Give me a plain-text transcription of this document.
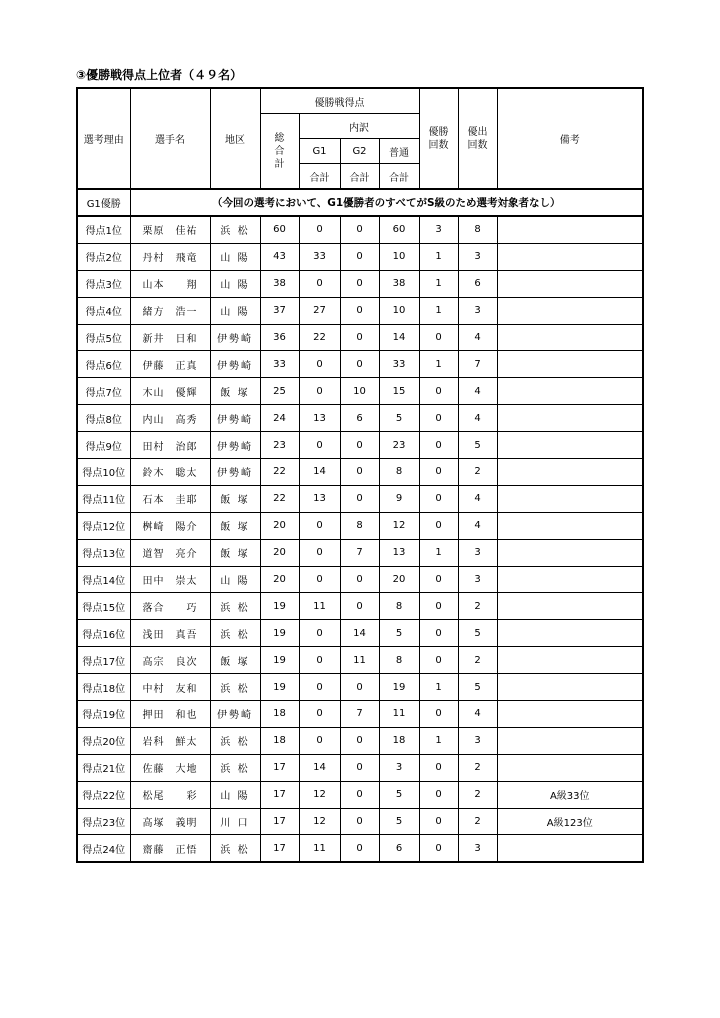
③優勝戦得点上位者（４９名）
選考理由	選手名	地区	優勝戦得点				優勝回数	優出回数	備考
			総合計	内訳					
				G1	G2	普通			
				合計	合計	合計			
G1優勝	（今回の選考において、G1優勝者のすべてがS級のため選考対象者なし）								
得点1位	栗原　佳祐	浜 松	60	0	0	60	3	8	
得点2位	丹村　飛竜	山 陽	43	33	0	10	1	3	
得点3位	山本　　翔	山 陽	38	0	0	38	1	6	
得点4位	緒方　浩一	山 陽	37	27	0	10	1	3	
得点5位	新井　日和	伊勢崎	36	22	0	14	0	4	
得点6位	伊藤　正真	伊勢崎	33	0	0	33	1	7	
得点7位	木山　優輝	飯 塚	25	0	10	15	0	4	
得点8位	内山　高秀	伊勢崎	24	13	6	5	0	4	
得点9位	田村　治郎	伊勢崎	23	0	0	23	0	5	
得点10位	鈴木　聡太	伊勢崎	22	14	0	8	0	2	
得点11位	石本　圭耶	飯 塚	22	13	0	9	0	4	
得点12位	桝崎　陽介	飯 塚	20	0	8	12	0	4	
得点13位	道智　亮介	飯 塚	20	0	7	13	1	3	
得点14位	田中　崇太	山 陽	20	0	0	20	0	3	
得点15位	落合　　巧	浜 松	19	11	0	8	0	2	
得点16位	浅田　真吾	浜 松	19	0	14	5	0	5	
得点17位	高宗　良次	飯 塚	19	0	11	8	0	2	
得点18位	中村　友和	浜 松	19	0	0	19	1	5	
得点19位	押田　和也	伊勢崎	18	0	7	11	0	4	
得点20位	岩科　鮮太	浜 松	18	0	0	18	1	3	
得点21位	佐藤　大地	浜 松	17	14	0	3	0	2	
得点22位	松尾　　彩	山 陽	17	12	0	5	0	2	A級33位
得点23位	高塚　義明	川 口	17	12	0	5	0	2	A級123位
得点24位	齋藤　正悟	浜 松	17	11	0	6	0	3	
